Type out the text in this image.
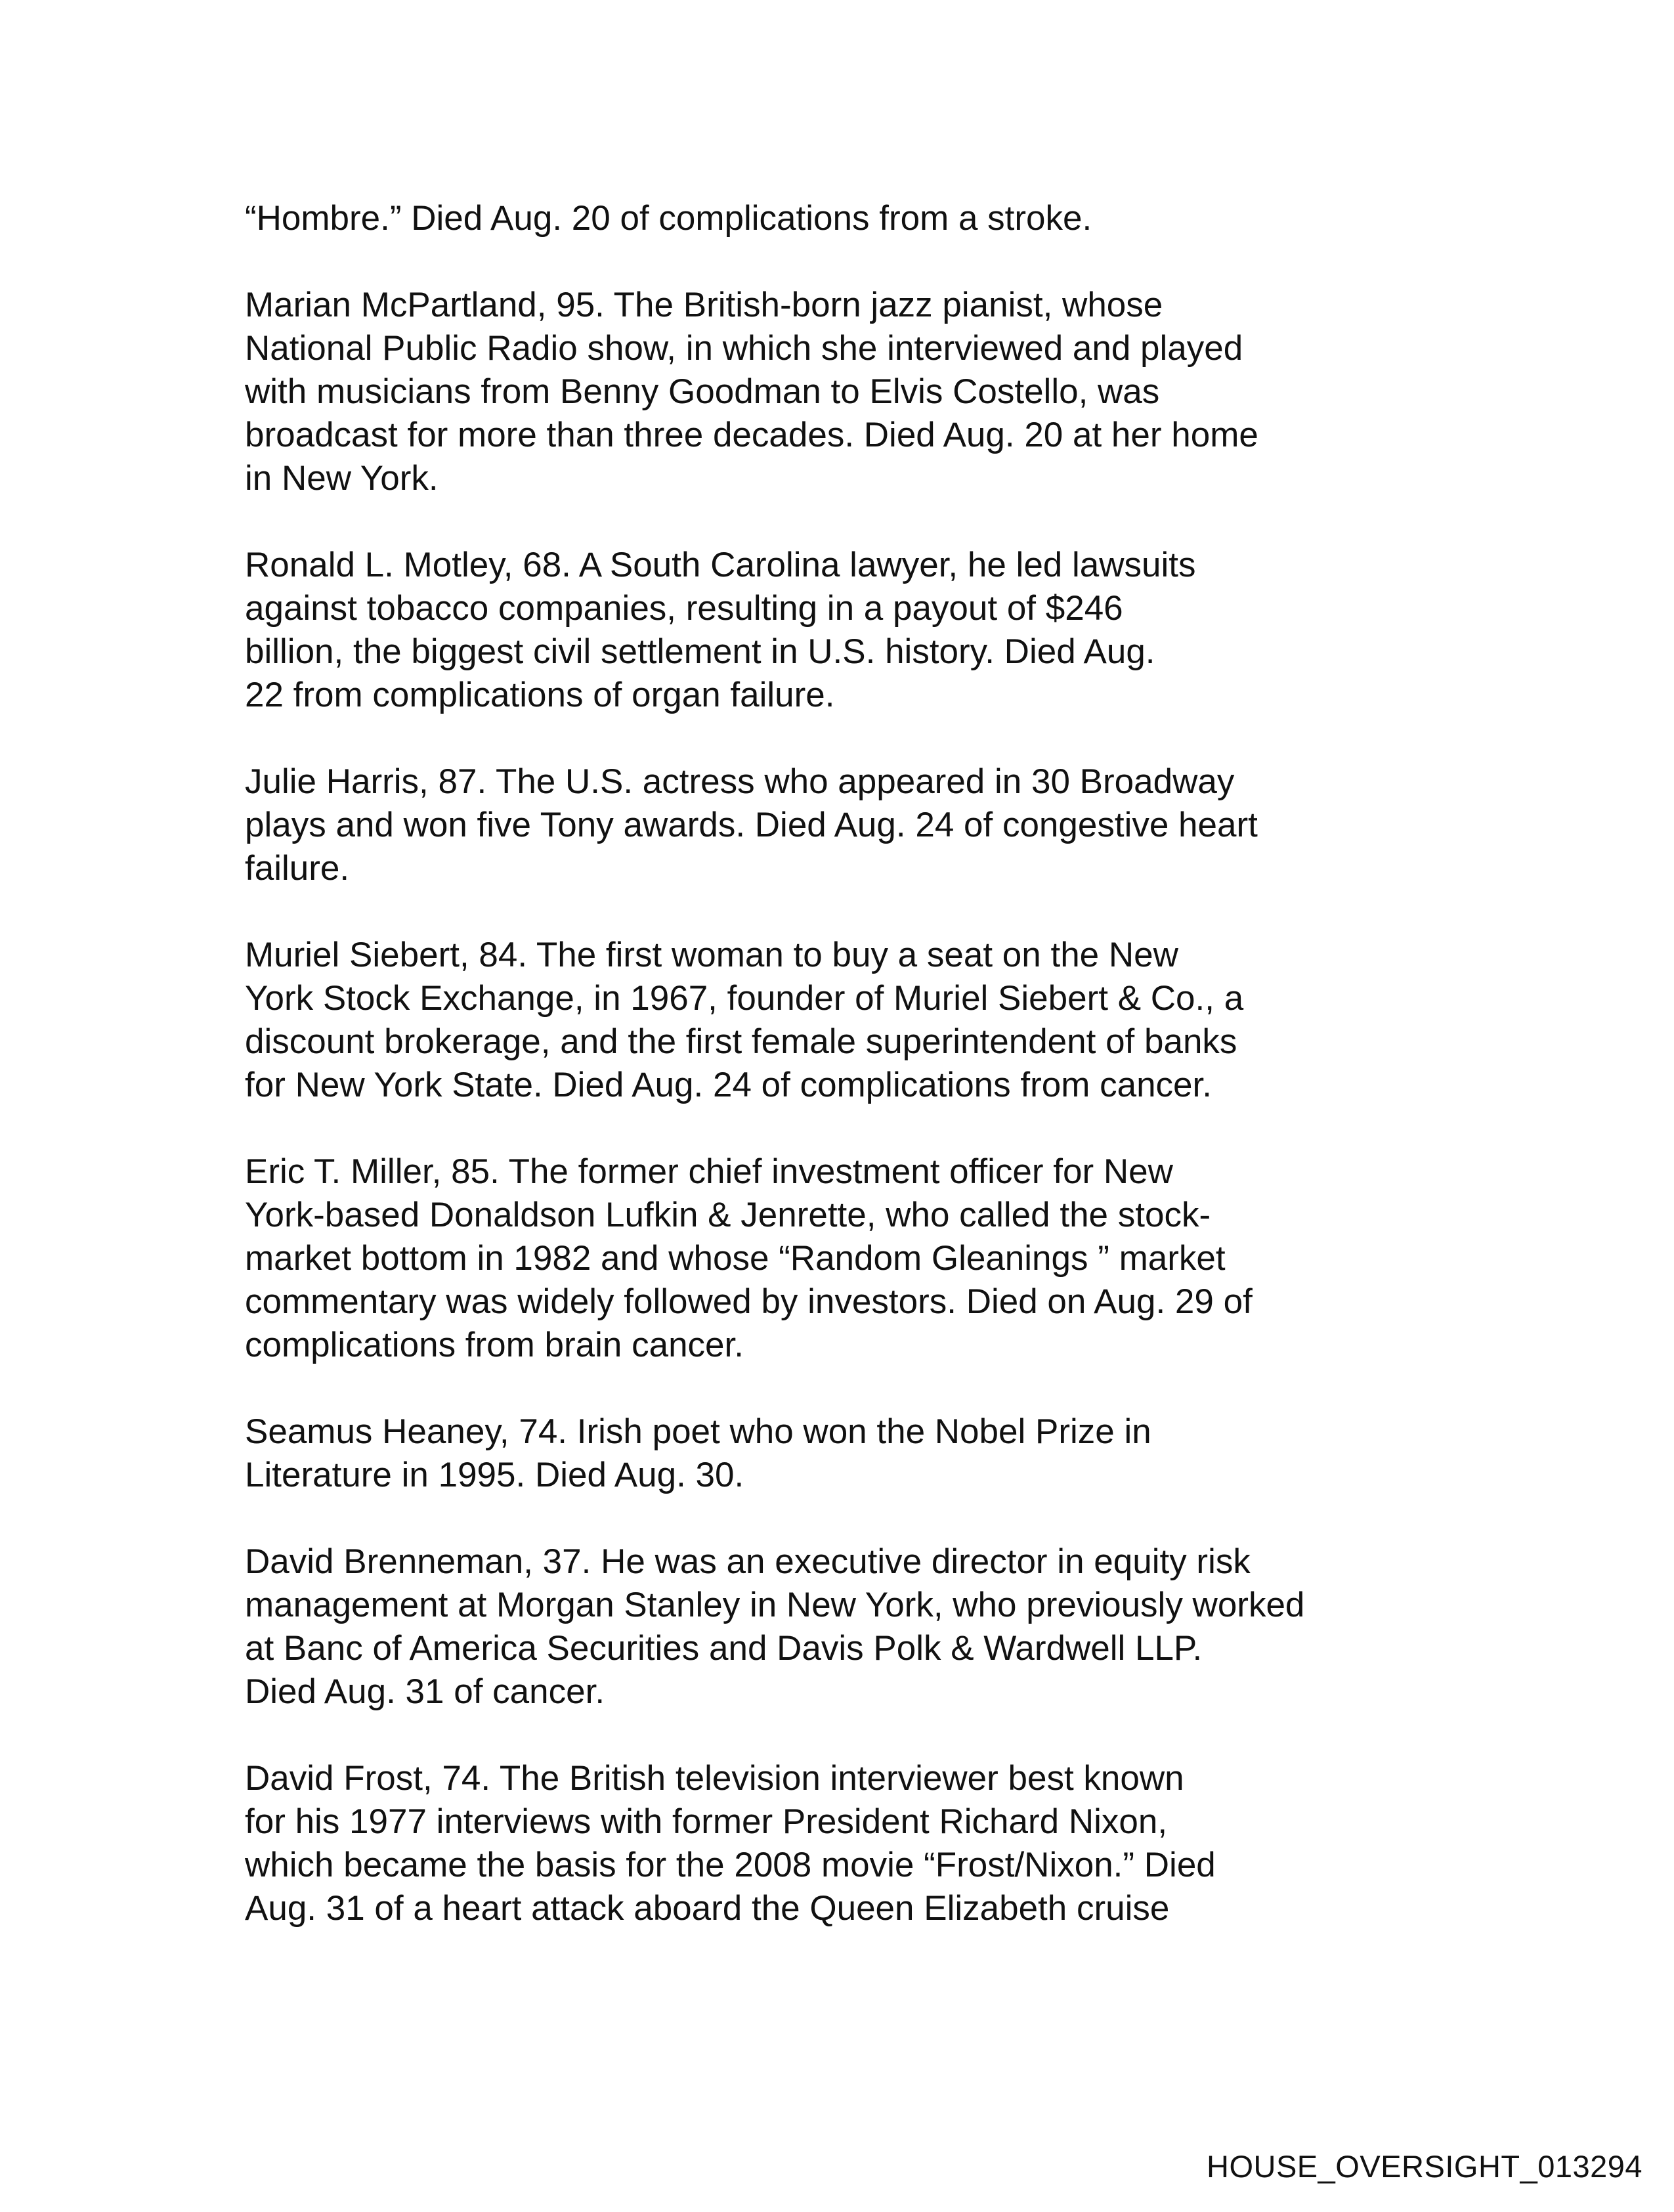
“Hombre.” Died Aug. 20 of complications from a stroke.

Marian McPartland, 95. The British-born jazz pianist, whose

National Public Radio show, in which she interviewed and played

with musicians from Benny Goodman to Elvis Costello, was

broadcast for more than three decades. Died Aug. 20 at her home

in New York.

Ronald L. Motley, 68. A South Carolina lawyer, he led lawsuits

against tobacco companies, resulting in a payout of $246

billion, the biggest civil settlement in U.S. history. Died Aug.

22 from complications of organ failure.

Julie Harris, 87. The U.S. actress who appeared in 30 Broadway

plays and won five Tony awards. Died Aug. 24 of congestive heart

failure.

Muriel Siebert, 84. The first woman to buy a seat on the New

York Stock Exchange, in 1967, founder of Muriel Siebert & Co., a

discount brokerage, and the first female superintendent of banks

for New York State. Died Aug. 24 of complications from cancer.

Eric T. Miller, 85. The former chief investment officer for New

York-based Donaldson Lufkin & Jenrette, who called the stock-

market bottom in 1982 and whose “Random Gleanings ” market

commentary was widely followed by investors. Died on Aug. 29 of

complications from brain cancer.

Seamus Heaney, 74. Irish poet who won the Nobel Prize in

Literature in 1995. Died Aug. 30.

David Brenneman, 37. He was an executive director in equity risk

management at Morgan Stanley in New York, who previously worked

at Banc of America Securities and Davis Polk & Wardwell LLP.

Died Aug. 31 of cancer.

David Frost, 74. The British television interviewer best known

for his 1977 interviews with former President Richard Nixon,

which became the basis for the 2008 movie “Frost/Nixon.” Died

Aug. 31 of a heart attack aboard the Queen Elizabeth cruise

HOUSE_OVERSIGHT_013294
